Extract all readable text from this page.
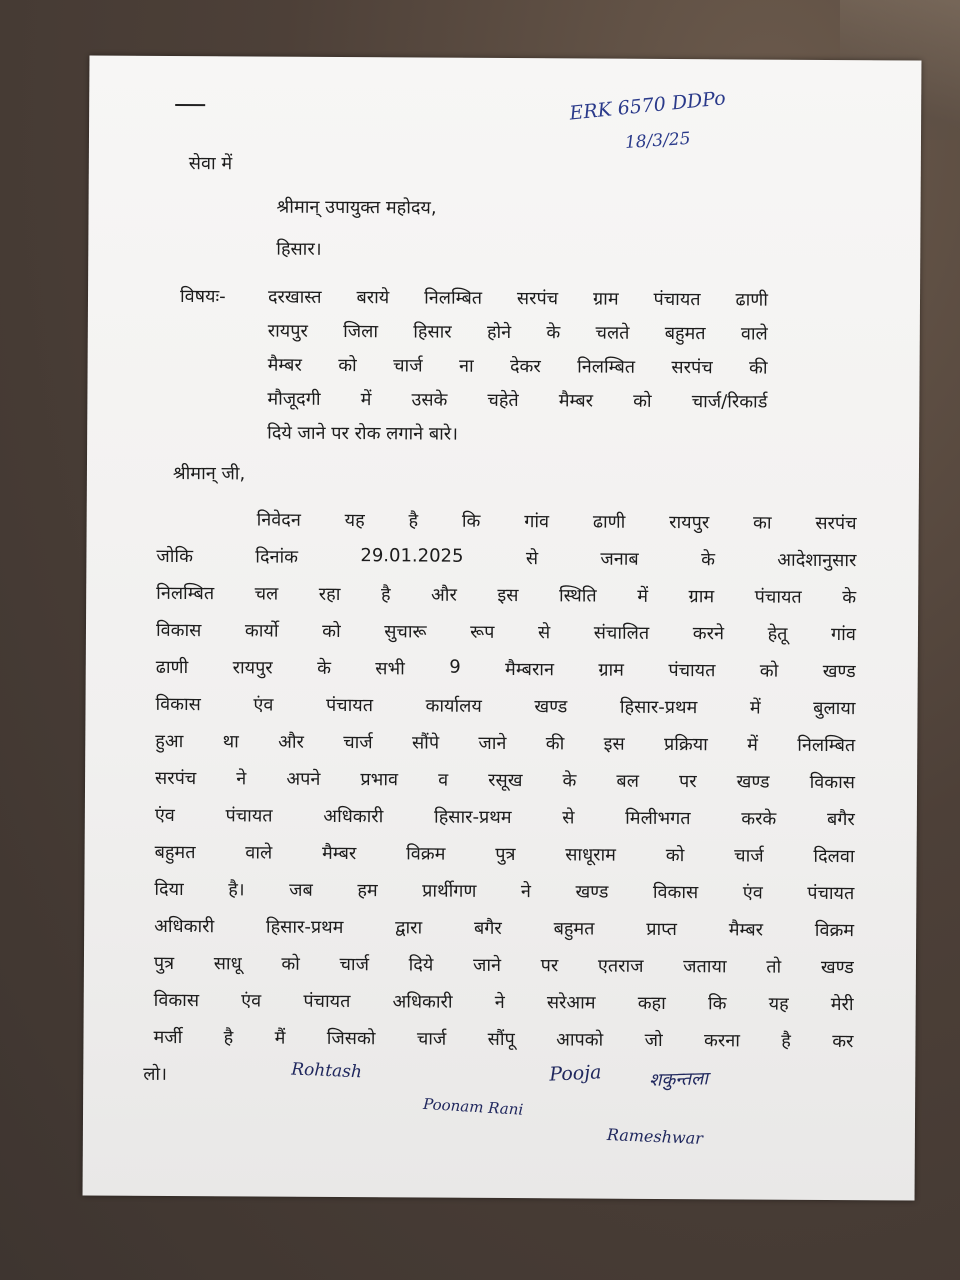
ERK 6570 DDPo
18/3/25
सेवा में
श्रीमान् उपायुक्त महोदय,
हिसार।
विषयः- दरखास्त बराये निलम्बित सरपंच ग्राम पंचायत ढाणी
रायपुर जिला हिसार होने के चलते बहुमत वाले
मैम्बर को चार्ज ना देकर निलम्बित सरपंच की
मौजूदगी में उसके चहेते मैम्बर को चार्ज/रिकार्ड
दिये जाने पर रोक लगाने बारे।
श्रीमान् जी,
निवेदन यह है कि गांव ढाणी रायपुर का सरपंच
जोकि	दिनांक	29.01.2025	से	जनाब	के	आदेशानुसार
निलम्बित चल रहा है और इस स्थिति में ग्राम पंचायत के
विकास कार्यो को सुचारू रूप से संचालित करने हेतू गांव
ढाणी रायपुर के सभी 9 मैम्बरान ग्राम पंचायत को खण्ड
विकास	एंव	पंचायत	कार्यालय	खण्ड	हिसार-प्रथम	में	बुलाया
हुआ था और चार्ज सौंपे जाने की इस प्रक्रिया में निलम्बित
सरपंच ने अपने प्रभाव व रसूख के बल पर खण्ड विकास
एंव	पंचायत	अधिकारी	हिसार-प्रथम	से	मिलीभगत	करके	बगैर
बहुमत	वाले	मैम्बर	विक्रम	पुत्र	साधूराम	को	चार्ज	दिलवा
दिया है। जब हम प्रार्थीगण ने खण्ड विकास एंव पंचायत
अधिकारी	हिसार-प्रथम	द्वारा	बगैर	बहुमत	प्राप्त	मैम्बर	विक्रम
पुत्र साधू को चार्ज दिये जाने पर एतराज जताया तो खण्ड
विकास एंव पंचायत अधिकारी ने सरेआम कहा कि यह मेरी
मर्जी है मैं जिसको चार्ज सौंपू आपको जो करना है कर
लो।	Rohtash
Poonam Rani
Pooja	शकुन्तला
Rameshwar
